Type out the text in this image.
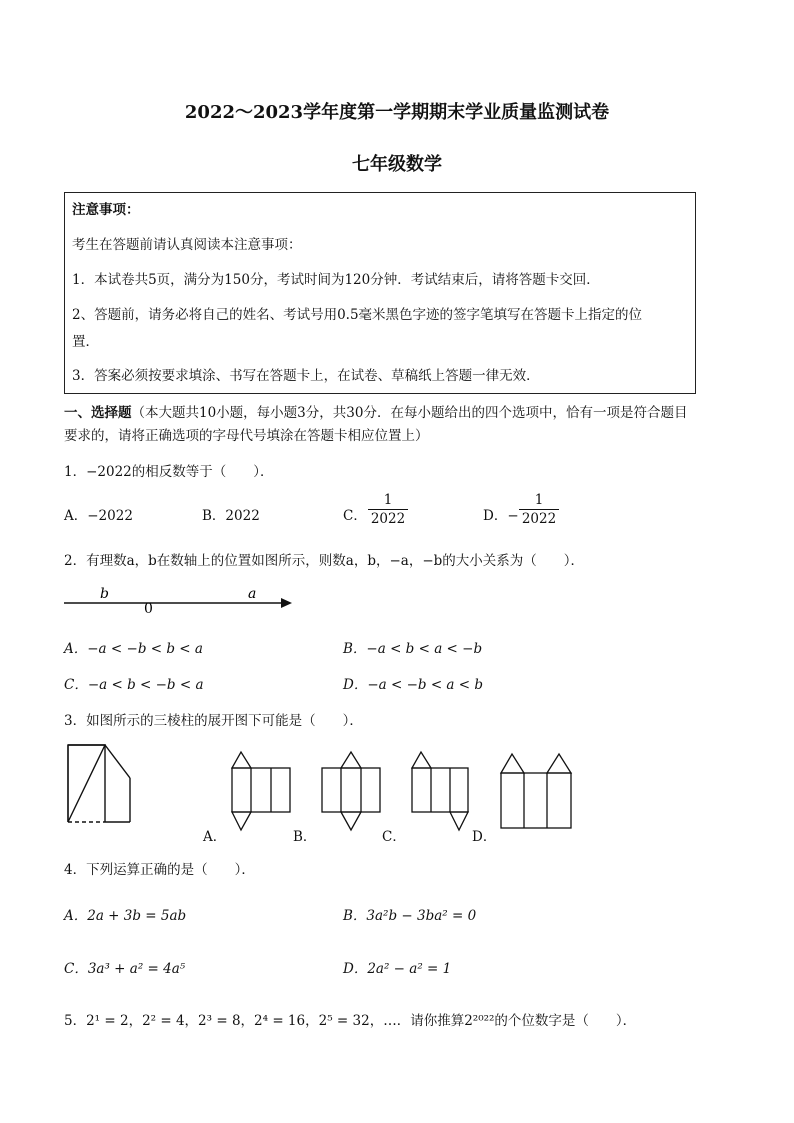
2022～2023学年度第一学期期末学业质量监测试卷
七年级数学
注意事项：
考生在答题前请认真阅读本注意事项：
1．本试卷共5页，满分为150分，考试时间为120分钟．考试结束后，请将答题卡交回．
2、答题前，请务必将自己的姓名、考试号用0.5毫米黑色字迹的签字笔填写在答题卡上指定的位
置．
3．答案必须按要求填涂、书写在答题卡上，在试卷、草稿纸上答题一律无效．
一、选择题（本大题共10小题，每小题3分，共30分．在每小题给出的四个选项中，恰有一项是符合题目
要求的，请将正确选项的字母代号填涂在答题卡相应位置上）
1．−2022的相反数等于（　　）．
A．−2022	B．2022	C．
1
2022	D．−
1
2022
2．有理数a，b在数轴上的位置如图所示，则数a，b，−a，−b的大小关系为（　　）．
b
0
a
A．−a < −b < b < a	B．−a < b < a < −b
C．−a < b < −b < a	D．−a < −b < a < b
3．如图所示的三棱柱的展开图下可能是（　　）．
A．	B．	C．	D．
4．下列运算正确的是（　　）．
A．2a + 3b = 5ab	B．3a²b − 3ba² = 0
C．3a³ + a² = 4a⁵	D．2a² − a² = 1
5．2¹ = 2，2² = 4，2³ = 8，2⁴ = 16，2⁵ = 32，…．请你推算2²⁰²²的个位数字是（　　）．
